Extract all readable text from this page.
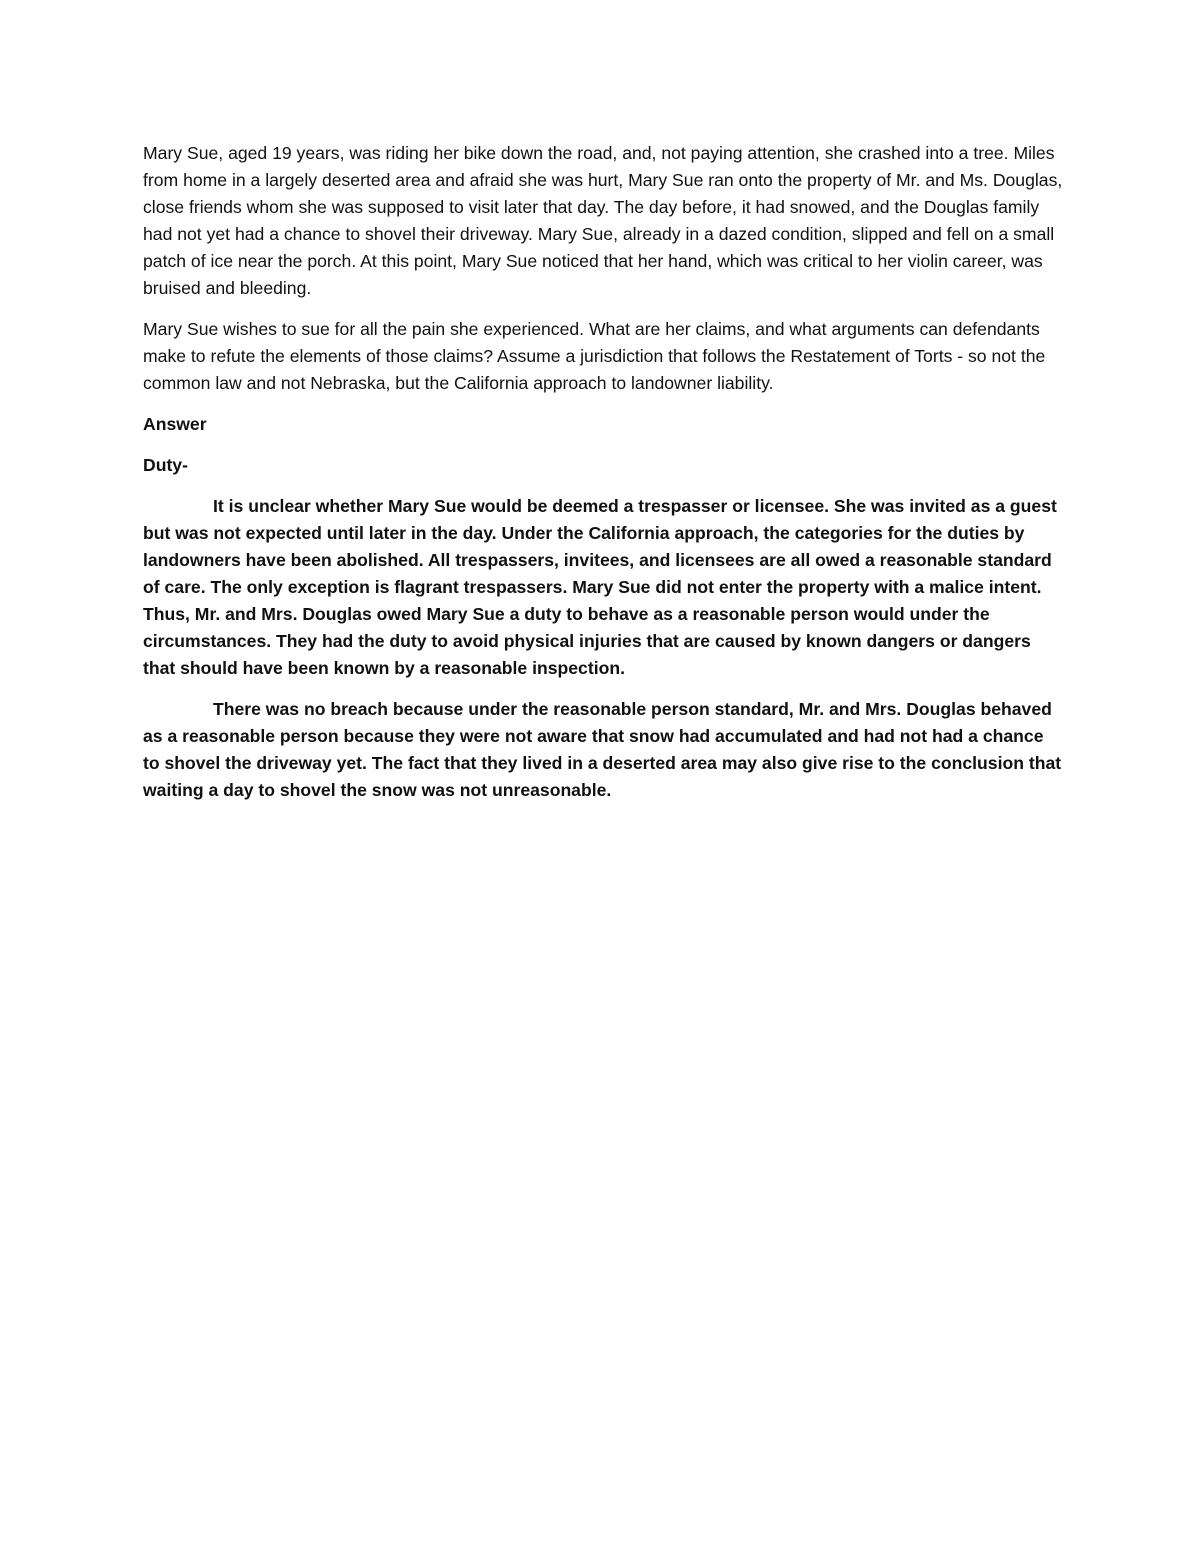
Mary Sue, aged 19 years, was riding her bike down the road, and, not paying attention, she crashed into a tree. Miles from home in a largely deserted area and afraid she was hurt, Mary Sue ran onto the property of Mr. and Ms. Douglas, close friends whom she was supposed to visit later that day. The day before, it had snowed, and the Douglas family had not yet had a chance to shovel their driveway. Mary Sue, already in a dazed condition, slipped and fell on a small patch of ice near the porch. At this point, Mary Sue noticed that her hand, which was critical to her violin career, was bruised and bleeding.

Mary Sue wishes to sue for all the pain she experienced. What are her claims, and what arguments can defendants make to refute the elements of those claims? Assume a jurisdiction that follows the Restatement of Torts - so not the common law and not Nebraska, but the California approach to landowner liability.

Answer

Duty-

It is unclear whether Mary Sue would be deemed a trespasser or licensee. She was invited as a guest but was not expected until later in the day. Under the California approach, the categories for the duties by landowners have been abolished. All trespassers, invitees, and licensees are all owed a reasonable standard of care. The only exception is flagrant trespassers. Mary Sue did not enter the property with a malice intent. Thus, Mr. and Mrs. Douglas owed Mary Sue a duty to behave as a reasonable person would under the circumstances. They had the duty to avoid physical injuries that are caused by known dangers or dangers that should have been known by a reasonable inspection.

There was no breach because under the reasonable person standard, Mr. and Mrs. Douglas behaved as a reasonable person because they were not aware that snow had accumulated and had not had a chance to shovel the driveway yet. The fact that they lived in a deserted area may also give rise to the conclusion that waiting a day to shovel the snow was not unreasonable.
